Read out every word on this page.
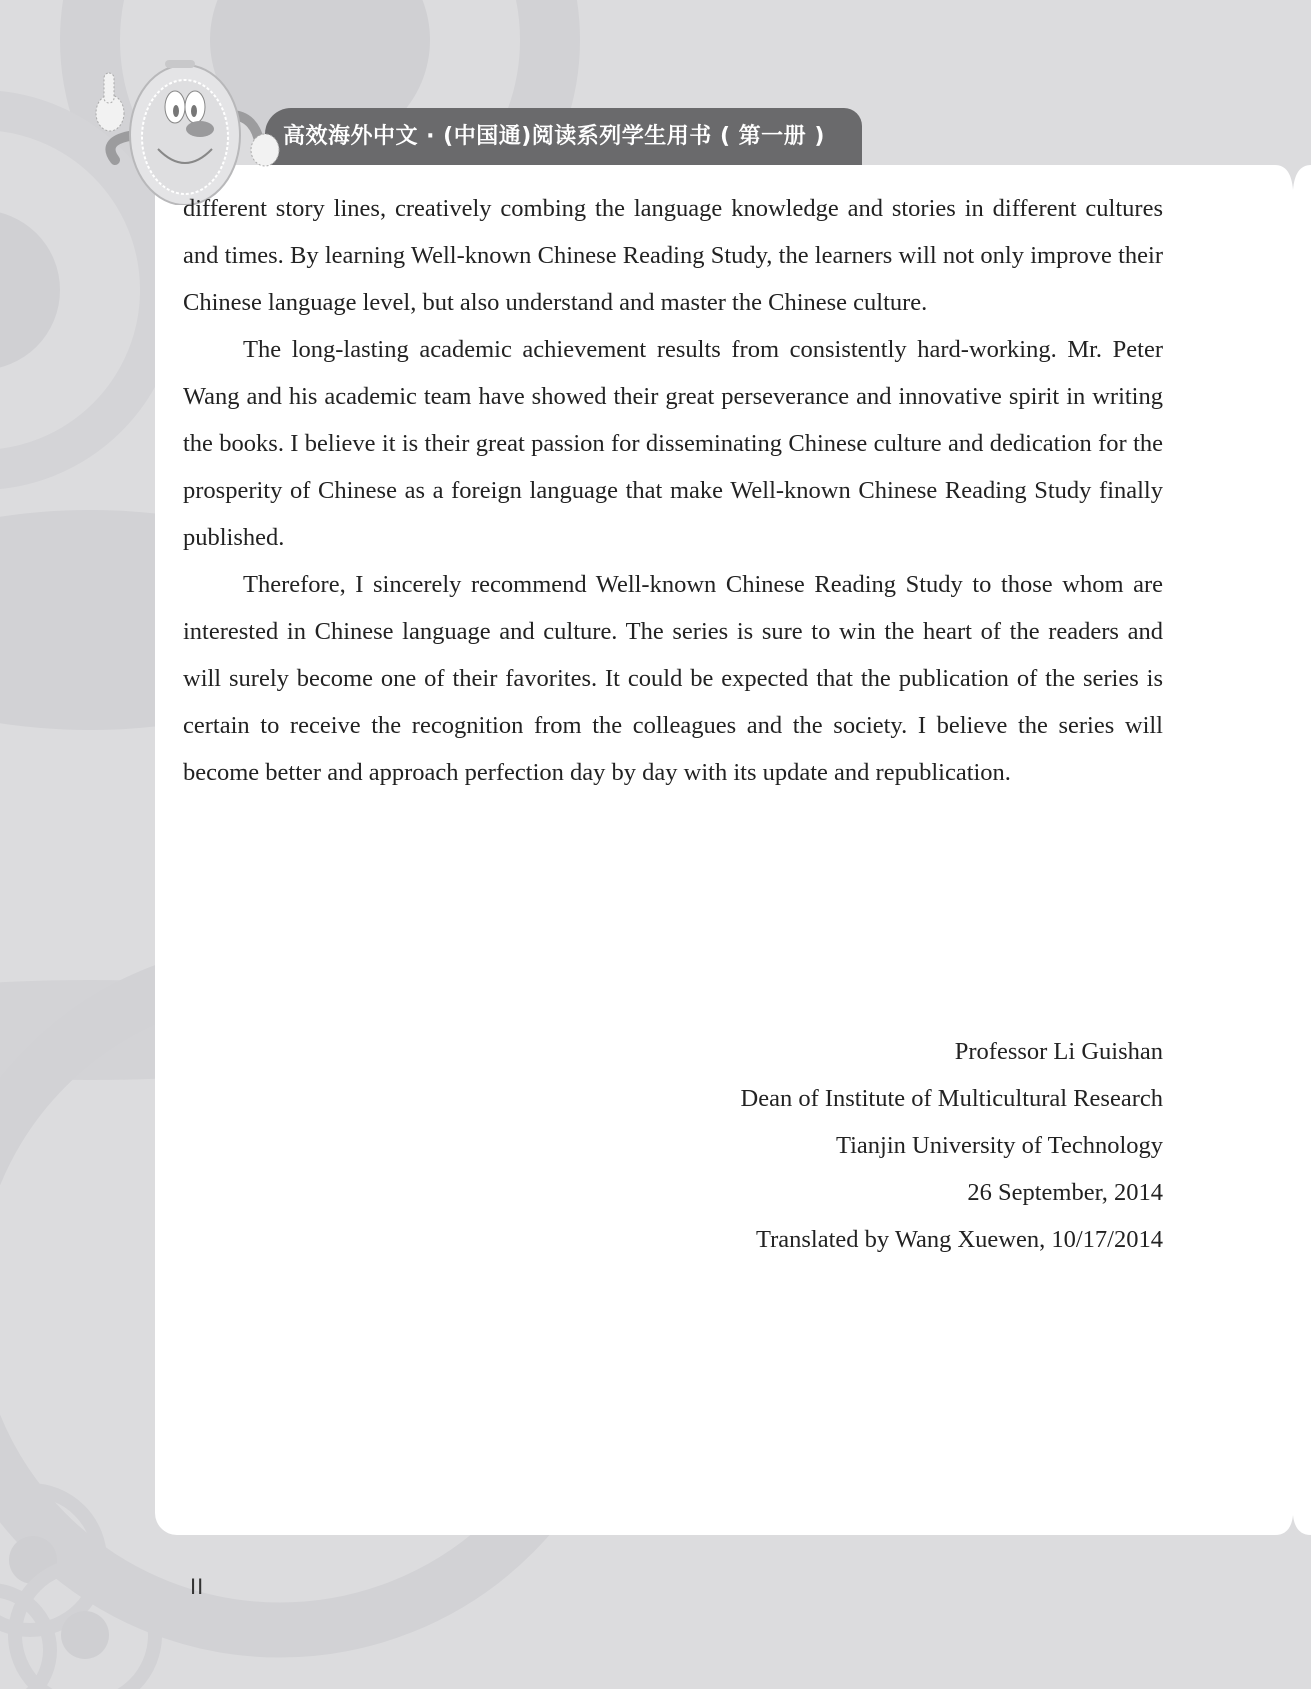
高效海外中文 · (中国通)阅读系列学生用书 ( 第一册 )

different story lines, creatively combing the language knowledge and stories in different cultures and times. By learning Well-known Chinese Reading Study, the learners will not only improve their Chinese language level, but also understand and master the Chinese culture.

The long-lasting academic achievement results from consistently hard-working. Mr. Peter Wang and his academic team have showed their great perseverance and innovative spirit in writing the books. I believe it is their great passion for disseminating Chinese culture and dedication for the prosperity of Chinese as a foreign language that make Well-known Chinese Reading Study finally published.

Therefore, I sincerely recommend Well-known Chinese Reading Study to those whom are interested in Chinese language and culture. The series is sure to win the heart of the readers and will surely become one of their favorites. It could be expected that the publication of the series is certain to receive the recognition from the colleagues and the society. I believe the series will become better and approach perfection day by day with its update and republication.

Professor Li Guishan
Dean of Institute of Multicultural Research
Tianjin University of Technology
26 September, 2014
Translated by Wang Xuewen, 10/17/2014
II
